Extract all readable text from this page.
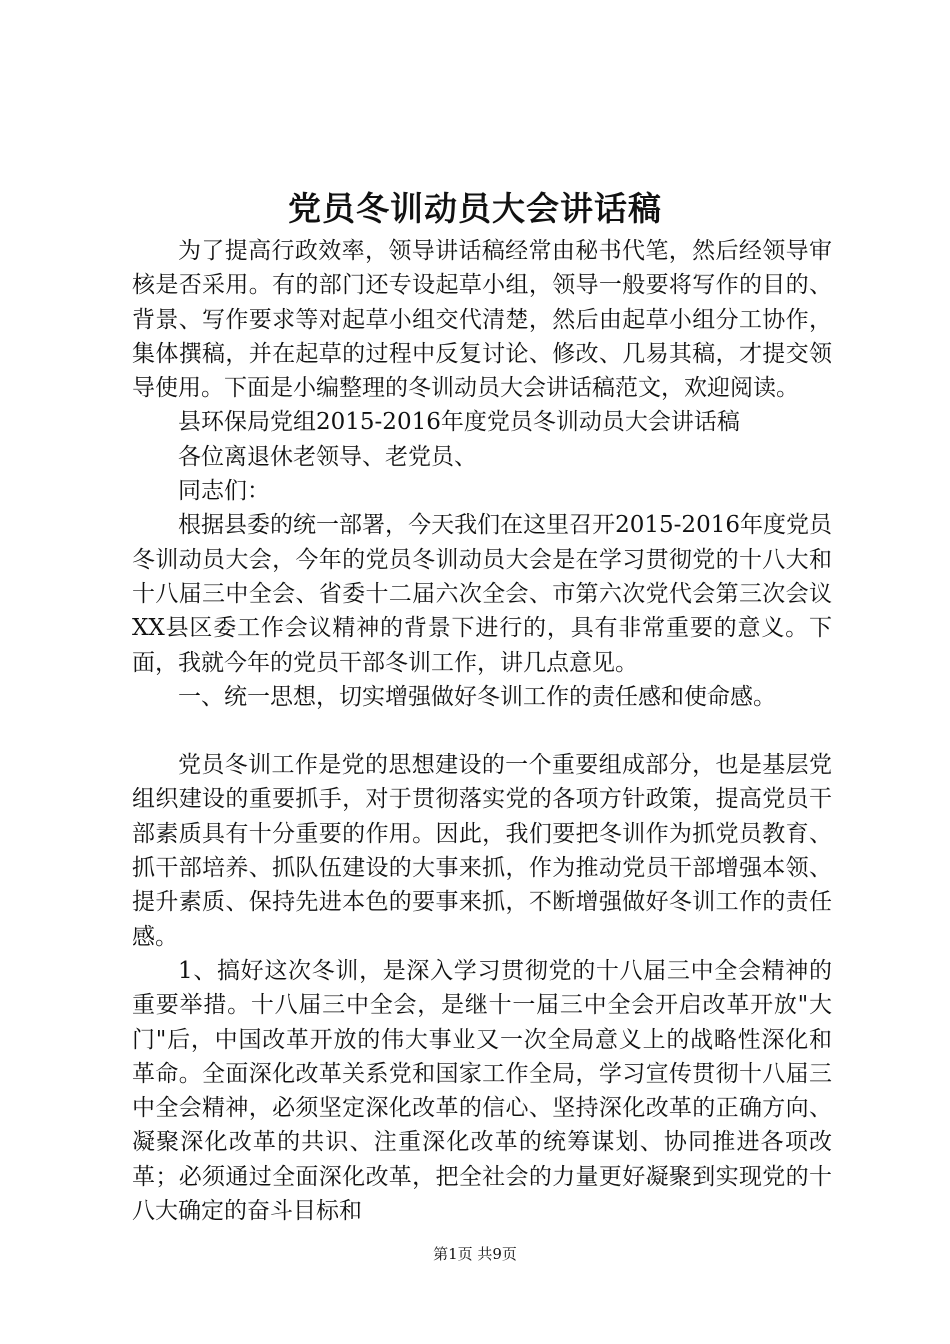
党员冬训动员大会讲话稿

为了提高行政效率，领导讲话稿经常由秘书代笔，然后经领导审核是否采用。有的部门还专设起草小组，领导一般要将写作的目的、背景、写作要求等对起草小组交代清楚，然后由起草小组分工协作，集体撰稿，并在起草的过程中反复讨论、修改、几易其稿，才提交领导使用。下面是小编整理的冬训动员大会讲话稿范文，欢迎阅读。

县环保局党组2015-2016年度党员冬训动员大会讲话稿

各位离退休老领导、老党员、

同志们：

根据县委的统一部署，今天我们在这里召开2015-2016年度党员冬训动员大会，今年的党员冬训动员大会是在学习贯彻党的十八大和十八届三中全会、省委十二届六次全会、市第六次党代会第三次会议XX县区委工作会议精神的背景下进行的，具有非常重要的意义。下面，我就今年的党员干部冬训工作，讲几点意见。

一、统一思想，切实增强做好冬训工作的责任感和使命感。

党员冬训工作是党的思想建设的一个重要组成部分，也是基层党组织建设的重要抓手，对于贯彻落实党的各项方针政策，提高党员干部素质具有十分重要的作用。因此，我们要把冬训作为抓党员教育、抓干部培养、抓队伍建设的大事来抓，作为推动党员干部增强本领、提升素质、保持先进本色的要事来抓，不断增强做好冬训工作的责任感。

1、搞好这次冬训，是深入学习贯彻党的十八届三中全会精神的重要举措。十八届三中全会，是继十一届三中全会开启改革开放"大门"后，中国改革开放的伟大事业又一次全局意义上的战略性深化和革命。全面深化改革关系党和国家工作全局，学习宣传贯彻十八届三中全会精神，必须坚定深化改革的信心、坚持深化改革的正确方向、凝聚深化改革的共识、注重深化改革的统筹谋划、协同推进各项改革；必须通过全面深化改革，把全社会的力量更好凝聚到实现党的十八大确定的奋斗目标和

第1页 共9页
